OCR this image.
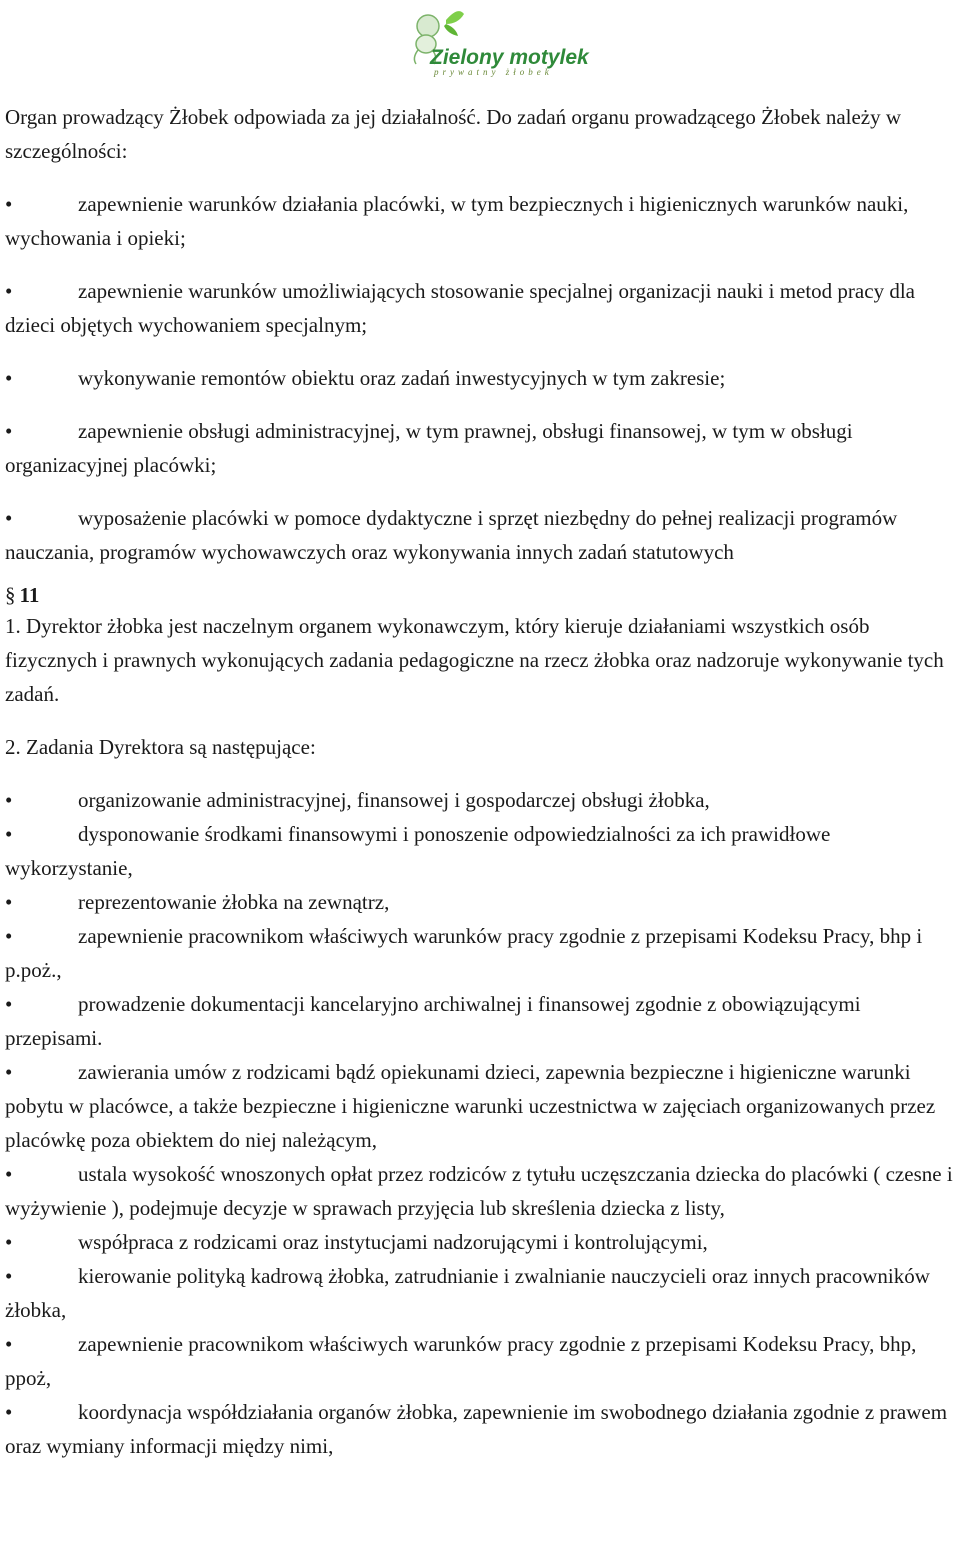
Zielony motylek
prywatny żłobek

Organ prowadzący Żłobek odpowiada za jej działalność. Do zadań organu prowadzącego Żłobek należy w szczególności:

• zapewnienie warunków działania placówki, w tym bezpiecznych i higienicznych warunków nauki, wychowania i opieki;

• zapewnienie warunków umożliwiających stosowanie specjalnej organizacji nauki i metod pracy dla dzieci objętych wychowaniem specjalnym;

• wykonywanie remontów obiektu oraz zadań inwestycyjnych w tym zakresie;

• zapewnienie obsługi administracyjnej, w tym prawnej, obsługi finansowej, w tym w obsługi organizacyjnej placówki;

• wyposażenie placówki w pomoce dydaktyczne i sprzęt niezbędny do pełnej realizacji programów nauczania, programów wychowawczych oraz wykonywania innych zadań statutowych

§ 11

1. Dyrektor żłobka jest naczelnym organem wykonawczym, który kieruje działaniami wszystkich osób fizycznych i prawnych wykonujących zadania pedagogiczne na rzecz żłobka oraz nadzoruje wykonywanie tych zadań.

2. Zadania Dyrektora są następujące:

• organizowanie administracyjnej, finansowej i gospodarczej obsługi żłobka,

• dysponowanie środkami finansowymi i ponoszenie odpowiedzialności za ich prawidłowe wykorzystanie,

• reprezentowanie żłobka na zewnątrz,

• zapewnienie pracownikom właściwych warunków pracy zgodnie z przepisami Kodeksu Pracy, bhp i p.poż.,

• prowadzenie dokumentacji kancelaryjno archiwalnej i finansowej zgodnie z obowiązującymi przepisami.

• zawierania umów z rodzicami bądź opiekunami dzieci, zapewnia bezpieczne i higieniczne warunki pobytu w placówce, a także bezpieczne i higieniczne warunki uczestnictwa w zajęciach organizowanych przez placówkę poza obiektem do niej należącym,

• ustala wysokość wnoszonych opłat przez rodziców z tytułu uczęszczania dziecka do placówki ( czesne i wyżywienie ), podejmuje decyzje w sprawach przyjęcia lub skreślenia dziecka z listy,

• współpraca z rodzicami oraz instytucjami nadzorującymi i kontrolującymi,

• kierowanie polityką kadrową żłobka, zatrudnianie i zwalnianie nauczycieli oraz innych pracowników żłobka,

• zapewnienie pracownikom właściwych warunków pracy zgodnie z przepisami Kodeksu Pracy, bhp, ppoż,

• koordynacja współdziałania organów żłobka, zapewnienie im swobodnego działania zgodnie z prawem oraz wymiany informacji między nimi,
